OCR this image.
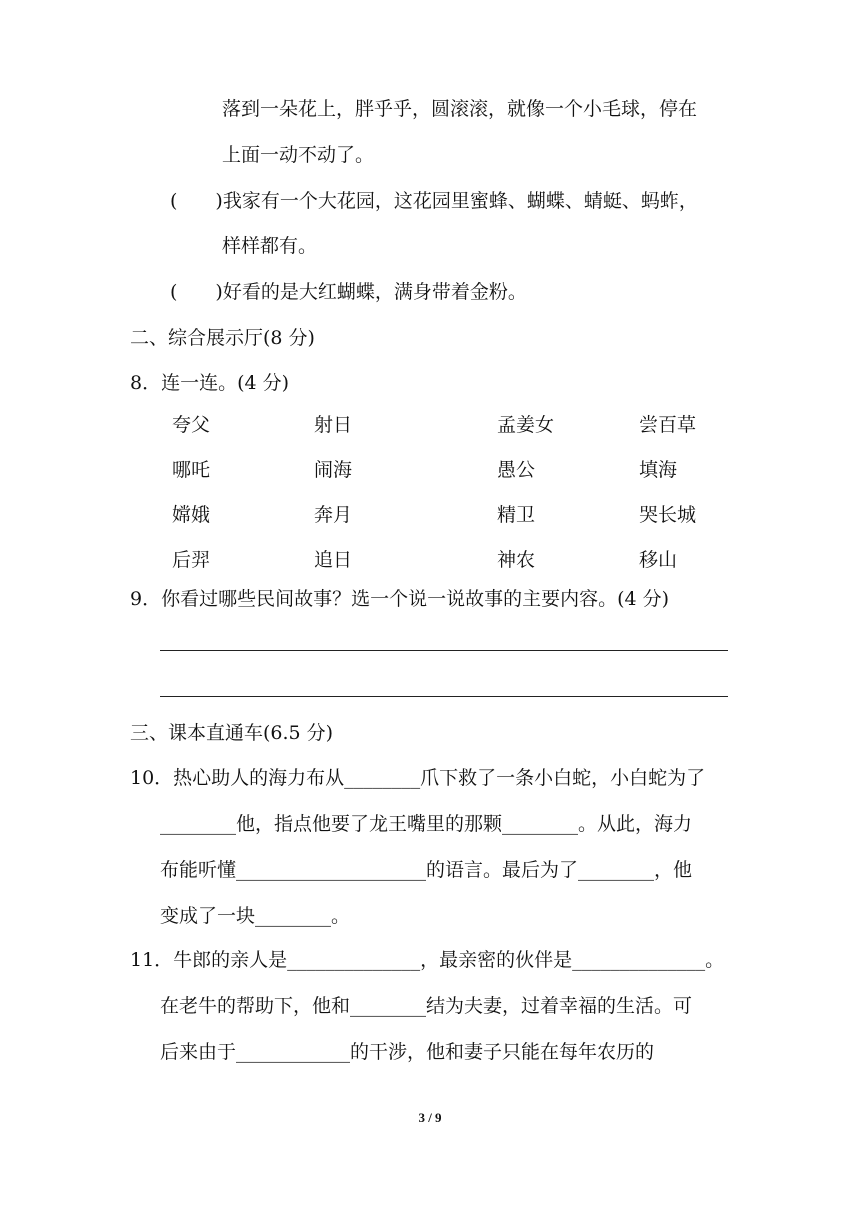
落到一朵花上，胖乎乎，圆滚滚，就像一个小毛球，停在
上面一动不动了。
(　　)我家有一个大花园，这花园里蜜蜂、蝴蝶、蜻蜓、蚂蚱，
样样都有。
(　　)好看的是大红蝴蝶，满身带着金粉。
二、综合展示厅(8 分)
8．连一连。(4 分)
夸父	射日	孟姜女	尝百草
哪吒	闹海	愚公	填海
嫦娥	奔月	精卫	哭长城
后羿	追日	神农	移山
9．你看过哪些民间故事？选一个说一说故事的主要内容。(4 分)
三、课本直通车(6.5 分)
10．热心助人的海力布从________爪下救了一条小白蛇，小白蛇为了
________他，指点他要了龙王嘴里的那颗________。从此，海力
布能听懂____________________的语言。最后为了________，他
变成了一块________。
11．牛郎的亲人是______________，最亲密的伙伴是______________。
在老牛的帮助下，他和________结为夫妻，过着幸福的生活。可
后来由于____________的干涉，他和妻子只能在每年农历的
3 / 9
